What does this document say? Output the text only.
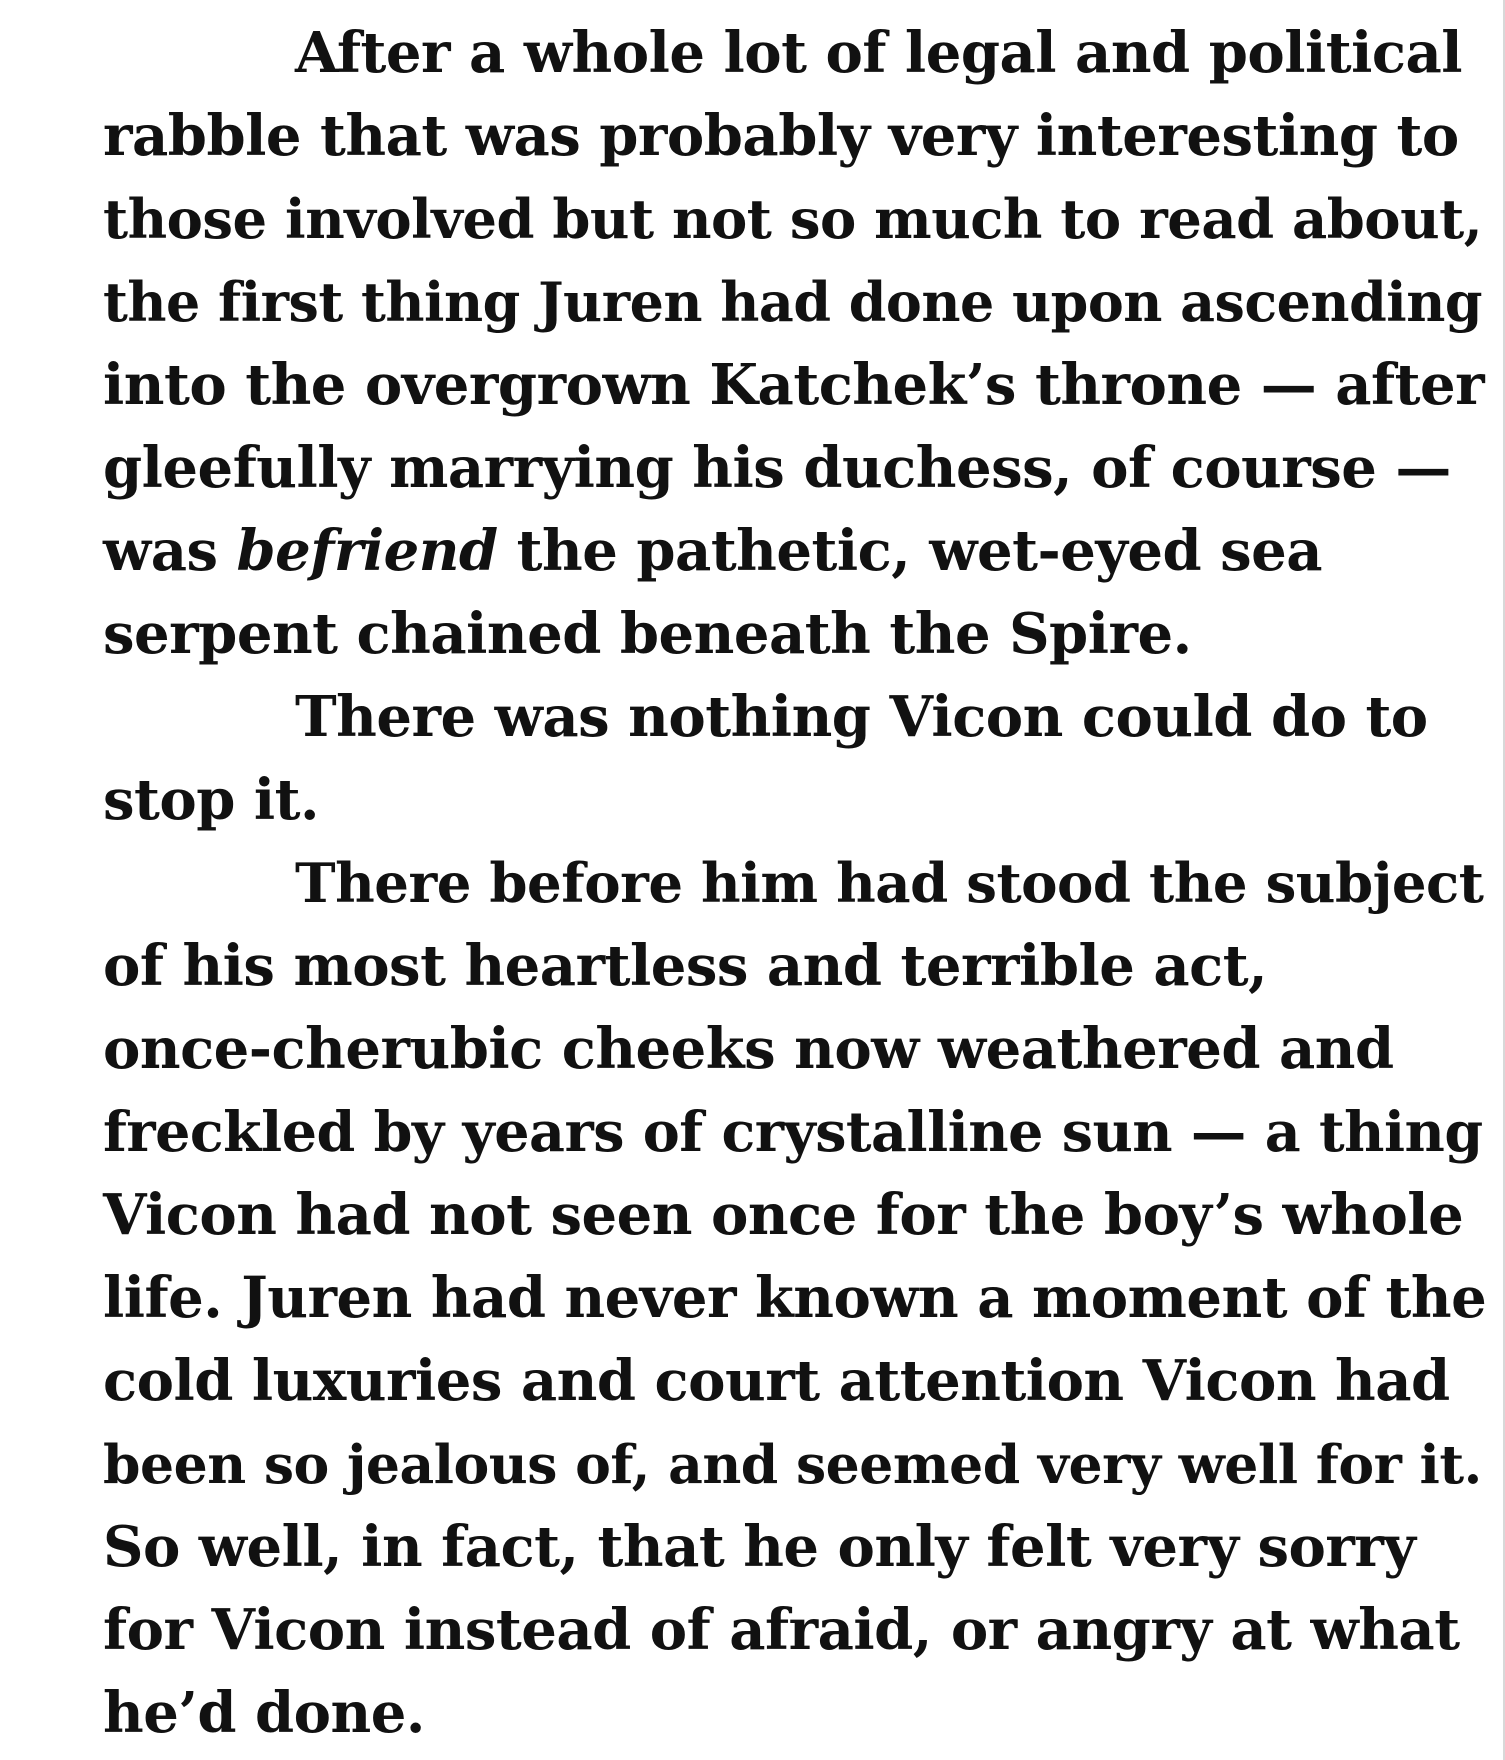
After a whole lot of legal and political
rabble that was probably very interesting to
those involved but not so much to read about,
the first thing Juren had done upon ascending
into the overgrown Katchek’s throne — after
gleefully marrying his duchess, of course —
was befriend the pathetic, wet-eyed sea
serpent chained beneath the Spire.
There was nothing Vicon could do to
stop it.
There before him had stood the subject
of his most heartless and terrible act,
once-cherubic cheeks now weathered and
freckled by years of crystalline sun — a thing
Vicon had not seen once for the boy’s whole
life. Juren had never known a moment of the
cold luxuries and court attention Vicon had
been so jealous of, and seemed very well for it.
So well, in fact, that he only felt very sorry
for Vicon instead of afraid, or angry at what
he’d done.
